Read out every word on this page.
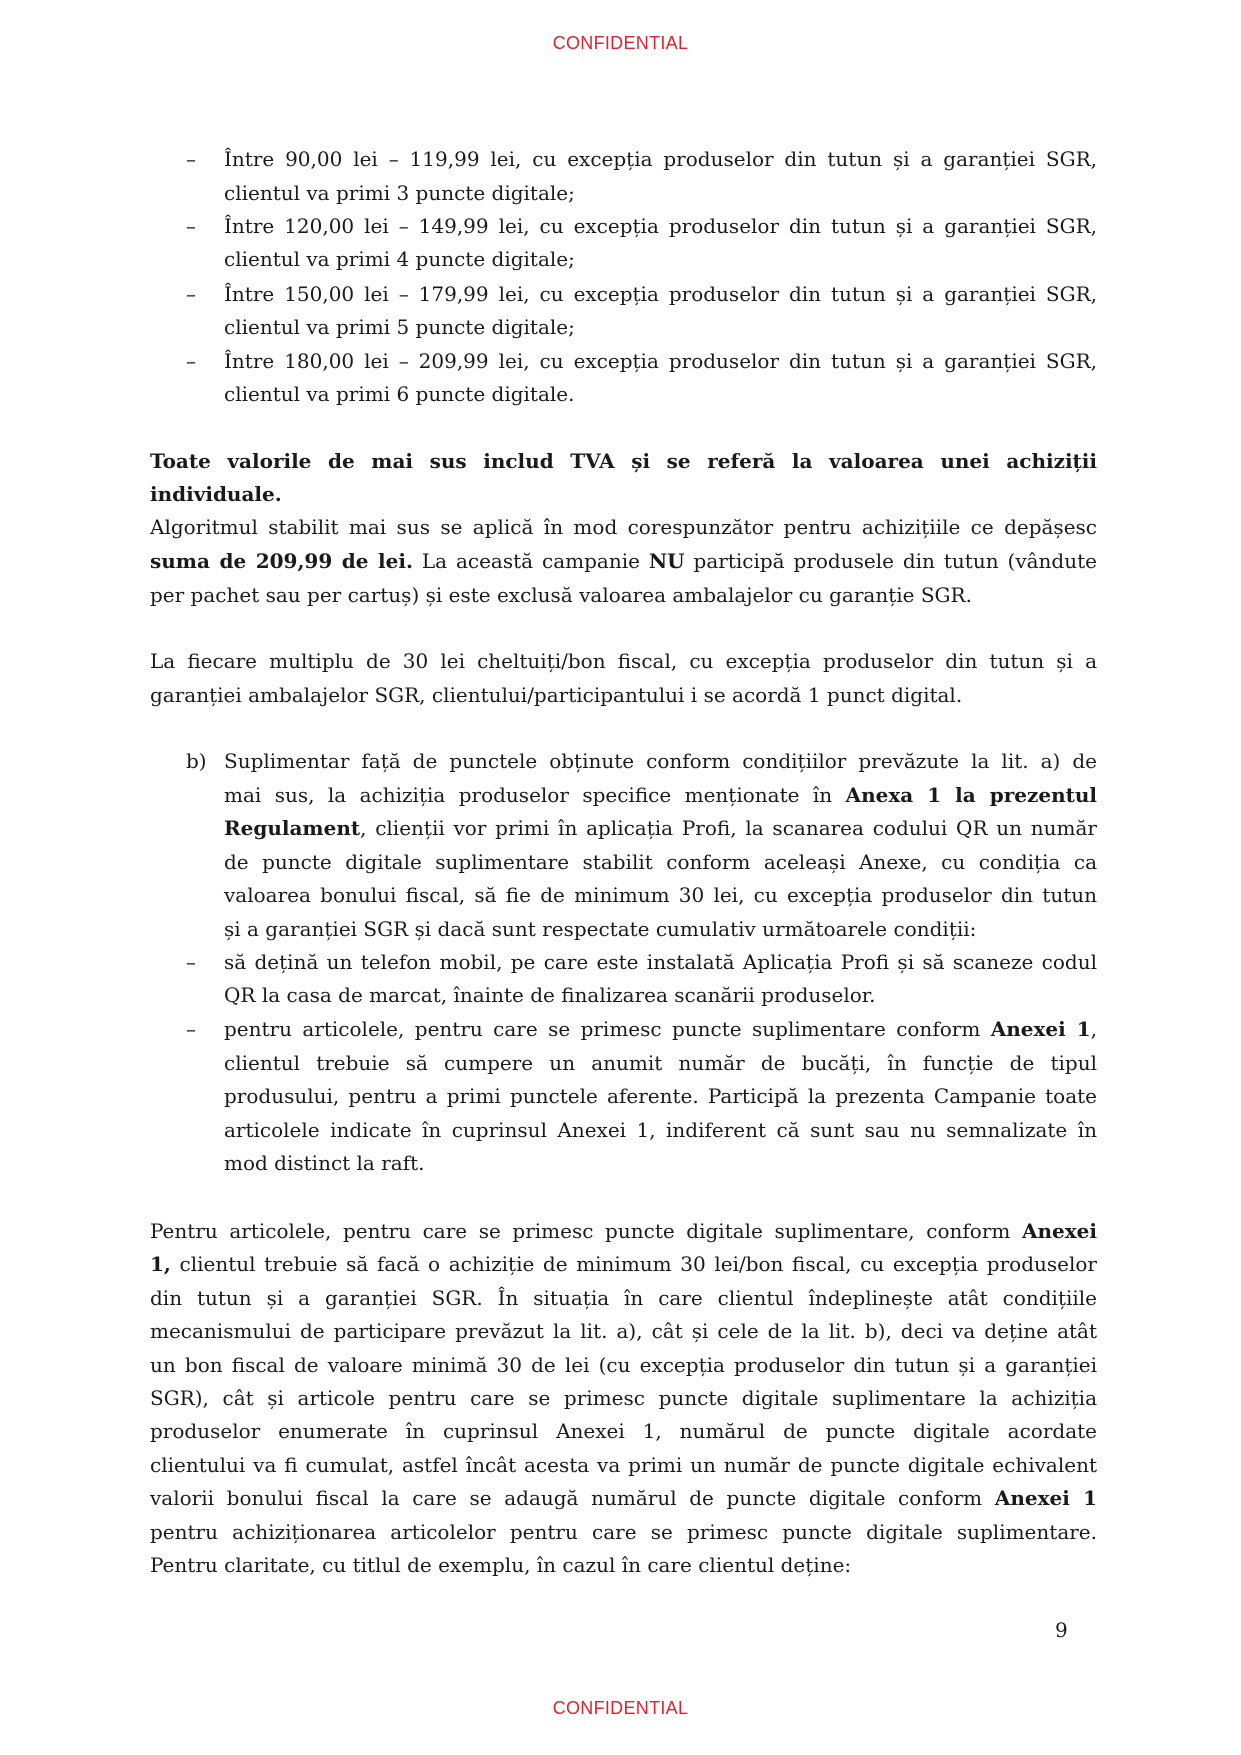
CONFIDENTIAL
–	Între 90,00 lei – 119,99 lei, cu excepția produselor din tutun și a garanției SGR,
clientul va primi 3 puncte digitale;
–	Între 120,00 lei – 149,99 lei, cu excepția produselor din tutun și a garanției SGR,
clientul va primi 4 puncte digitale;
–	Între 150,00 lei – 179,99 lei, cu excepția produselor din tutun și a garanției SGR,
clientul va primi 5 puncte digitale;
–	Între 180,00 lei – 209,99 lei, cu excepția produselor din tutun și a garanției SGR,
clientul va primi 6 puncte digitale.
Toate valorile de mai sus includ TVA și se referă la valoarea unei achiziții
individuale.
Algoritmul stabilit mai sus se aplică în mod corespunzător pentru achizițiile ce depășesc
suma de 209,99 de lei. La această campanie NU participă produsele din tutun (vândute
per pachet sau per cartuș) și este exclusă valoarea ambalajelor cu garanție SGR.
La fiecare multiplu de 30 lei cheltuiți/bon fiscal, cu excepția produselor din tutun și a
garanției ambalajelor SGR, clientului/participantului i se acordă 1 punct digital.
b) Suplimentar față de punctele obținute conform condițiilor prevăzute la lit. a) de
mai sus, la achiziția produselor specifice menționate în Anexa 1 la prezentul
Regulament, clienții vor primi în aplicația Profi, la scanarea codului QR un număr
de puncte digitale suplimentare stabilit conform aceleași Anexe, cu condiția ca
valoarea bonului fiscal, să fie de minimum 30 lei, cu excepția produselor din tutun
și a garanției SGR și dacă sunt respectate cumulativ următoarele condiții:
–	să dețină un telefon mobil, pe care este instalată Aplicația Profi și să scaneze codul
QR la casa de marcat, înainte de finalizarea scanării produselor.
–	pentru articolele, pentru care se primesc puncte suplimentare conform Anexei 1,
clientul trebuie să cumpere un anumit număr de bucăți, în funcție de tipul
produsului, pentru a primi punctele aferente. Participă la prezenta Campanie toate
articolele indicate în cuprinsul Anexei 1, indiferent că sunt sau nu semnalizate în
mod distinct la raft.
Pentru articolele, pentru care se primesc puncte digitale suplimentare, conform Anexei
1, clientul trebuie să facă o achiziție de minimum 30 lei/bon fiscal, cu excepția produselor
din tutun și a garanției SGR. În situația în care clientul îndeplinește atât condițiile
mecanismului de participare prevăzut la lit. a), cât și cele de la lit. b), deci va deține atât
un bon fiscal de valoare minimă 30 de lei (cu excepția produselor din tutun și a garanției
SGR), cât și articole pentru care se primesc puncte digitale suplimentare la achiziția
produselor enumerate în cuprinsul Anexei 1, numărul de puncte digitale acordate
clientului va fi cumulat, astfel încât acesta va primi un număr de puncte digitale echivalent
valorii bonului fiscal la care se adaugă numărul de puncte digitale conform Anexei 1
pentru achiziționarea articolelor pentru care se primesc puncte digitale suplimentare.
Pentru claritate, cu titlul de exemplu, în cazul în care clientul deține:
9
CONFIDENTIAL
